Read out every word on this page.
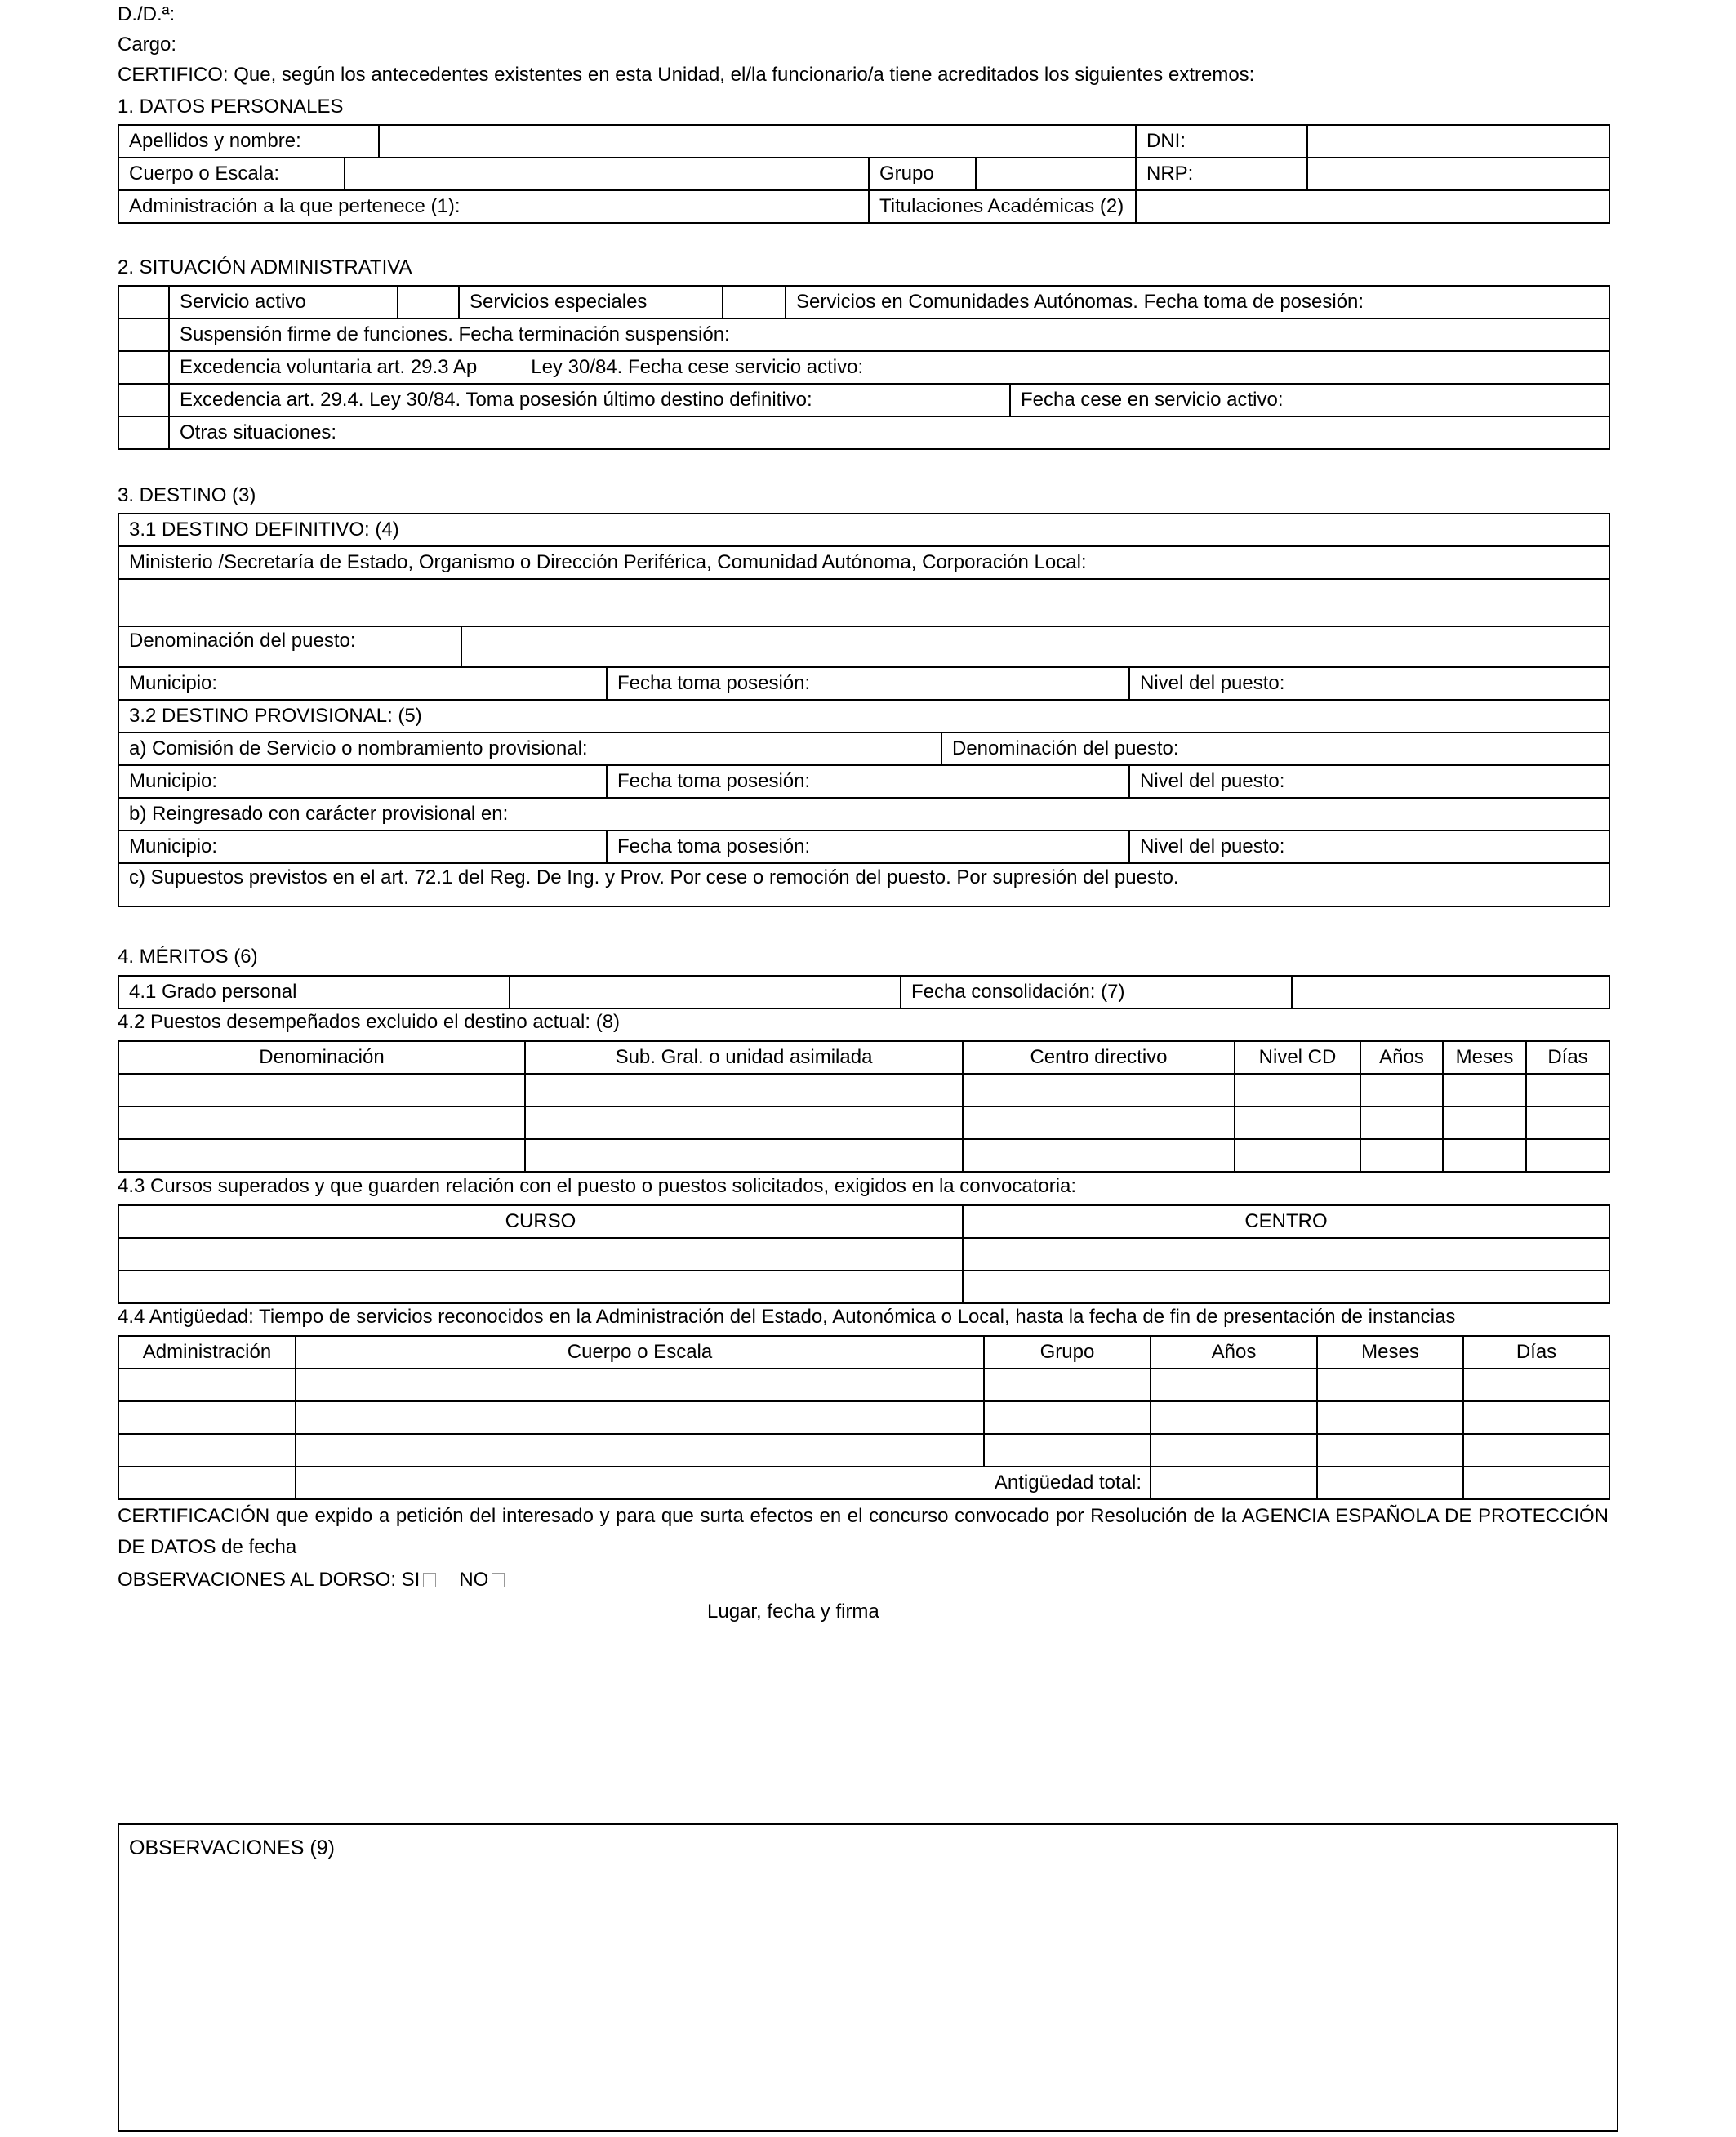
D./D.ª:
Cargo:
CERTIFICO: Que, según los antecedentes existentes en esta Unidad, el/la funcionario/a tiene acreditados los siguientes extremos:
1. DATOS PERSONALES
Apellidos y nombre:					DNI:	
Cuerpo o Escala:			Grupo		NRP:	
Administración a la que pertenece (1):			Titulaciones Académicas (2)			
2. SITUACIÓN ADMINISTRATIVA
	Servicio activo		Servicios especiales		Servicios en Comunidades Autónomas. Fecha toma de posesión:	
	Suspensión firme de funciones. Fecha terminación suspensión:					
	Excedencia voluntaria art. 29.3 Ap Ley 30/84. Fecha cese servicio activo:					
	Excedencia art. 29.4. Ley 30/84. Toma posesión último destino definitivo:					Fecha cese en servicio activo:
	Otras situaciones:					
3. DESTINO (3)
3.1 DESTINO DEFINITIVO: (4)				
Ministerio /Secretaría de Estado, Organismo o Dirección Periférica, Comunidad Autónoma, Corporación Local:				

Denominación del puesto:				
Municipio:		Fecha toma posesión:		Nivel del puesto:
3.2 DESTINO PROVISIONAL: (5)				
a) Comisión de Servicio o nombramiento provisional:			Denominación del puesto:	
Municipio:		Fecha toma posesión:		Nivel del puesto:
b) Reingresado con carácter provisional en:				
Municipio:		Fecha toma posesión:		Nivel del puesto:
c) Supuestos previstos en el art. 72.1 del Reg. De Ing. y Prov. Por cese o remoción del puesto. Por supresión del puesto.				
4. MÉRITOS (6)
4.1 Grado personal		Fecha consolidación: (7)	
4.2 Puestos desempeñados excluido el destino actual: (8)
Denominación	Sub. Gral. o unidad asimilada	Centro directivo	Nivel CD	Años	Meses	Días

4.3 Cursos superados y que guarden relación con el puesto o puestos solicitados, exigidos en la convocatoria:
CURSO	CENTRO

4.4 Antigüedad: Tiempo de servicios reconocidos en la Administración del Estado, Autonómica o Local, hasta la fecha de fin de presentación de instancias
Administración	Cuerpo o Escala	Grupo	Años	Meses	Días

	Antigüedad total:				
CERTIFICACIÓN que expido a petición del interesado y para que surta efectos en el concurso convocado por Resolución de la AGENCIA ESPAÑOLA DE PROTECCIÓN DE DATOS de fecha
OBSERVACIONES AL DORSO: SI NO
Lugar, fecha y firma
OBSERVACIONES (9)
